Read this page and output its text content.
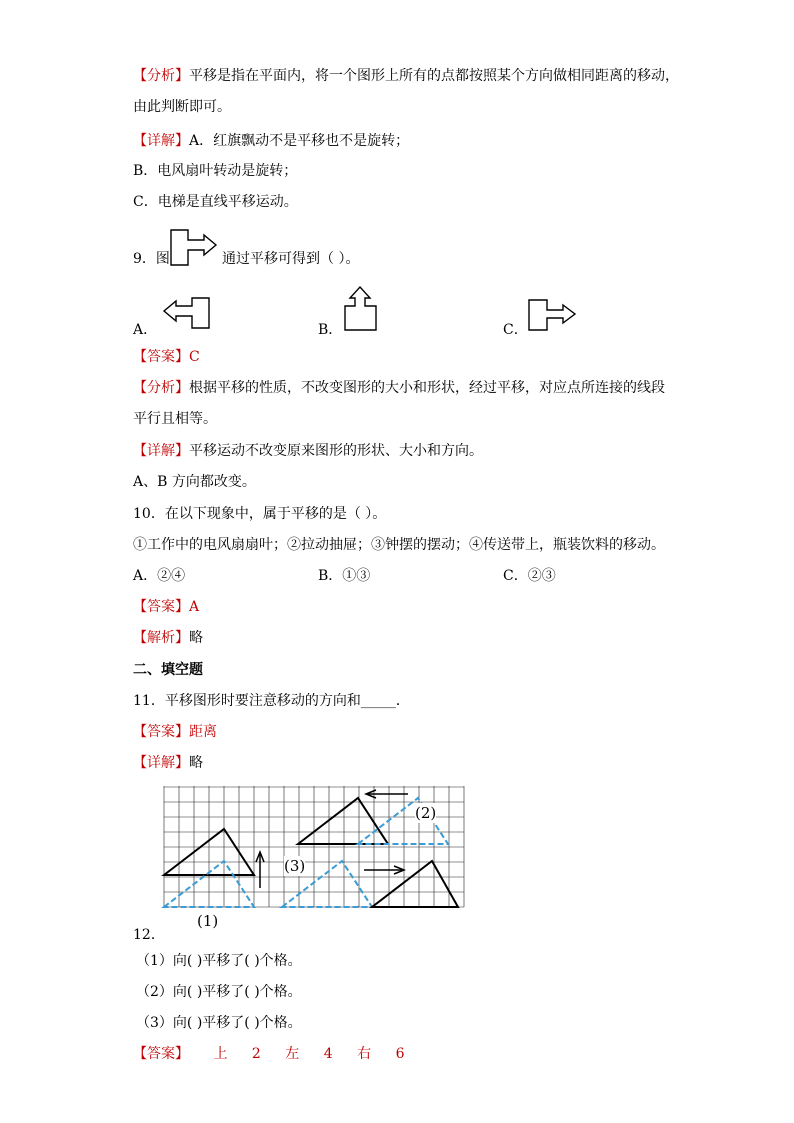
【分析】平移是指在平面内，将一个图形上所有的点都按照某个方向做相同距离的移动，
由此判断即可。
【详解】A．红旗飘动不是平移也不是旋转；
B．电风扇叶转动是旋转；
C．电梯是直线平移运动。
9．图	通过平移可得到（ ）。
A．	B．	C．
【答案】C
【分析】根据平移的性质，不改变图形的大小和形状，经过平移，对应点所连接的线段
平行且相等。
【详解】平移运动不改变原来图形的形状、大小和方向。
A、B 方向都改变。
10．在以下现象中，属于平移的是（ ）。
①工作中的电风扇扇叶；②拉动抽屉；③钟摆的摆动；④传送带上，瓶装饮料的移动。
A．②④	B．①③	C．②③
【答案】A
【解析】略
二、填空题
11．平移图形时要注意移动的方向和_____．
【答案】距离
【详解】略
(2)
(3)
(1)
12．
（1）向( )平移了( )个格。
（2）向( )平移了( )个格。
（3）向( )平移了( )个格。
【答案】 上 2 左 4 右 6
